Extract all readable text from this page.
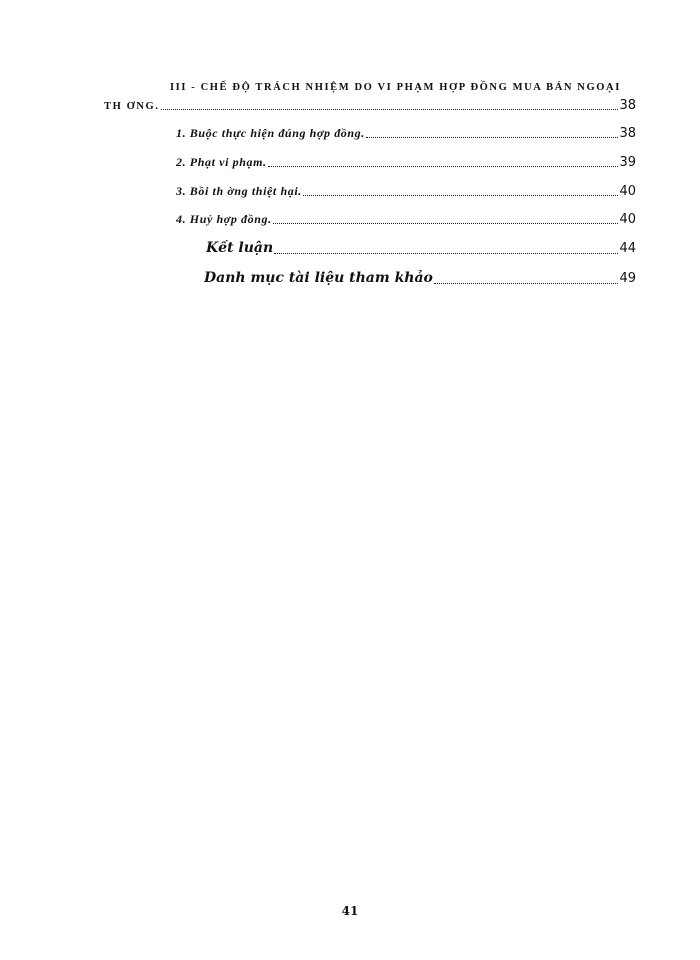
III - CHẾ ĐỘ TRÁCH NHIỆM DO VI PHẠM HỢP ĐỒNG MUA BÁN NGOẠI
TH ƠNG.	38
1. Buộc thực hiện đúng hợp đồng.	38
2. Phạt vi phạm.	39
3. Bồi th ờng thiệt hại.	40
4. Huỷ hợp đồng.	40
Kết luận	44
Danh mục tài liệu tham khảo	49
41
